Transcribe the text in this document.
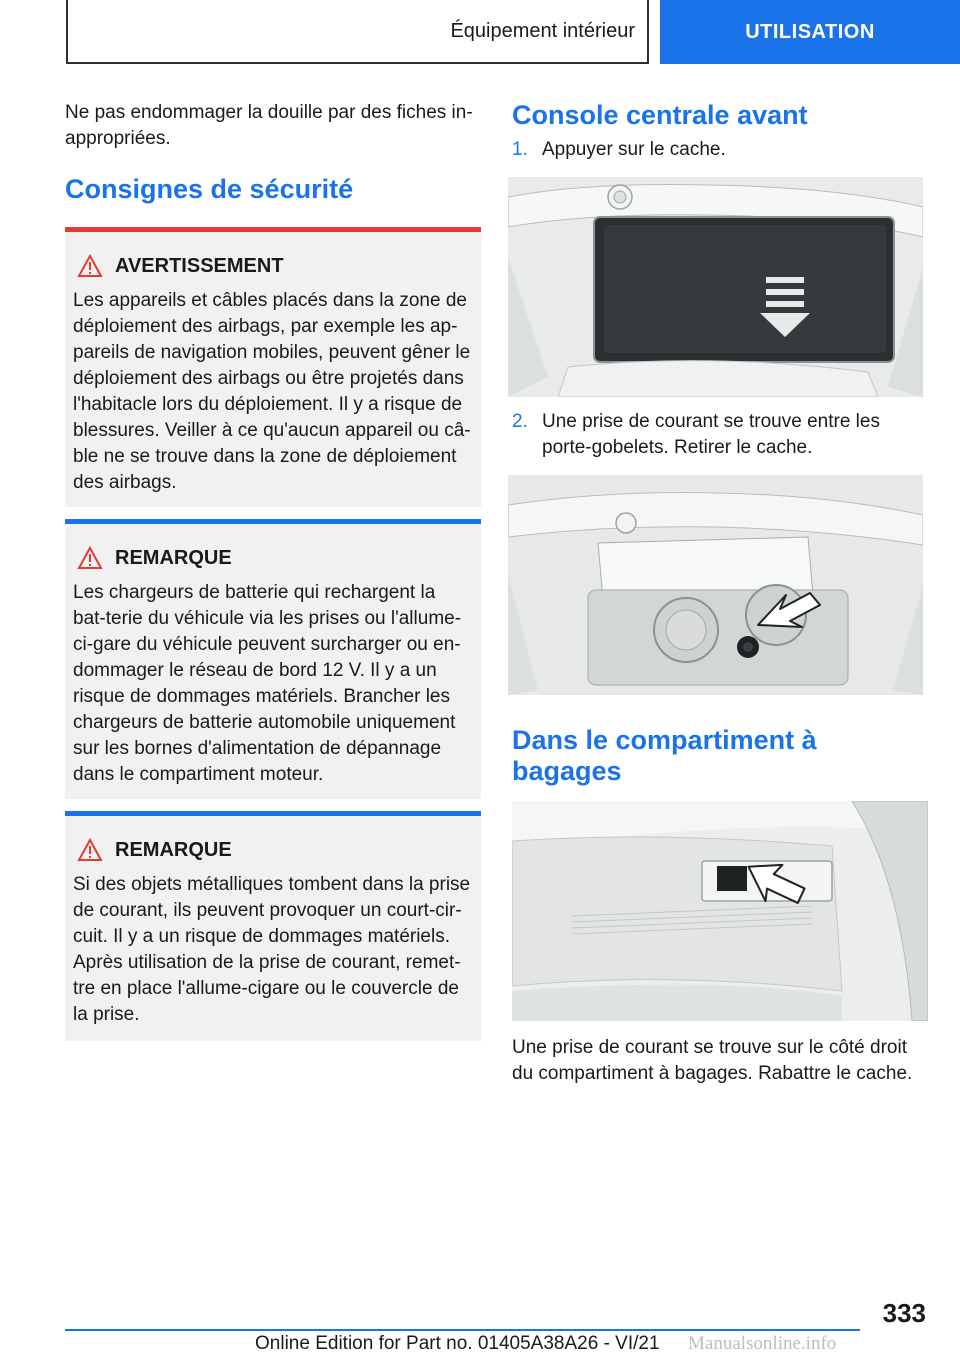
Équipement intérieur	UTILISATION

Ne pas endommager la douille par des fiches in-appropriées.

Consignes de sécurité
AVERTISSEMENT

Les appareils et câbles placés dans la zone de déploiement des airbags, par exemple les ap-pareils de navigation mobiles, peuvent gêner le déploiement des airbags ou être projetés dans l'habitacle lors du déploiement. Il y a risque de blessures. Veiller à ce qu'aucun appareil ou câ-ble ne se trouve dans la zone de déploiement des airbags.

REMARQUE

Les chargeurs de batterie qui rechargent la bat-terie du véhicule via les prises ou l'allume-ci-gare du véhicule peuvent surcharger ou en-dommager le réseau de bord 12 V. Il y a un risque de dommages matériels. Brancher les chargeurs de batterie automobile uniquement sur les bornes d'alimentation de dépannage dans le compartiment moteur.

REMARQUE

Si des objets métalliques tombent dans la prise de courant, ils peuvent provoquer un court-cir-cuit. Il y a un risque de dommages matériels. Après utilisation de la prise de courant, remet-tre en place l'allume-cigare ou le couvercle de la prise.

Console centrale avant
1. Appuyer sur le cache.
2. Une prise de courant se trouve entre les porte-gobelets. Retirer le cache.
Dans le compartiment à bagages

Une prise de courant se trouve sur le côté droit du compartiment à bagages. Rabattre le cache.

333
Online Edition for Part no. 01405A38A26 - VI/21 Manualsonline.info
